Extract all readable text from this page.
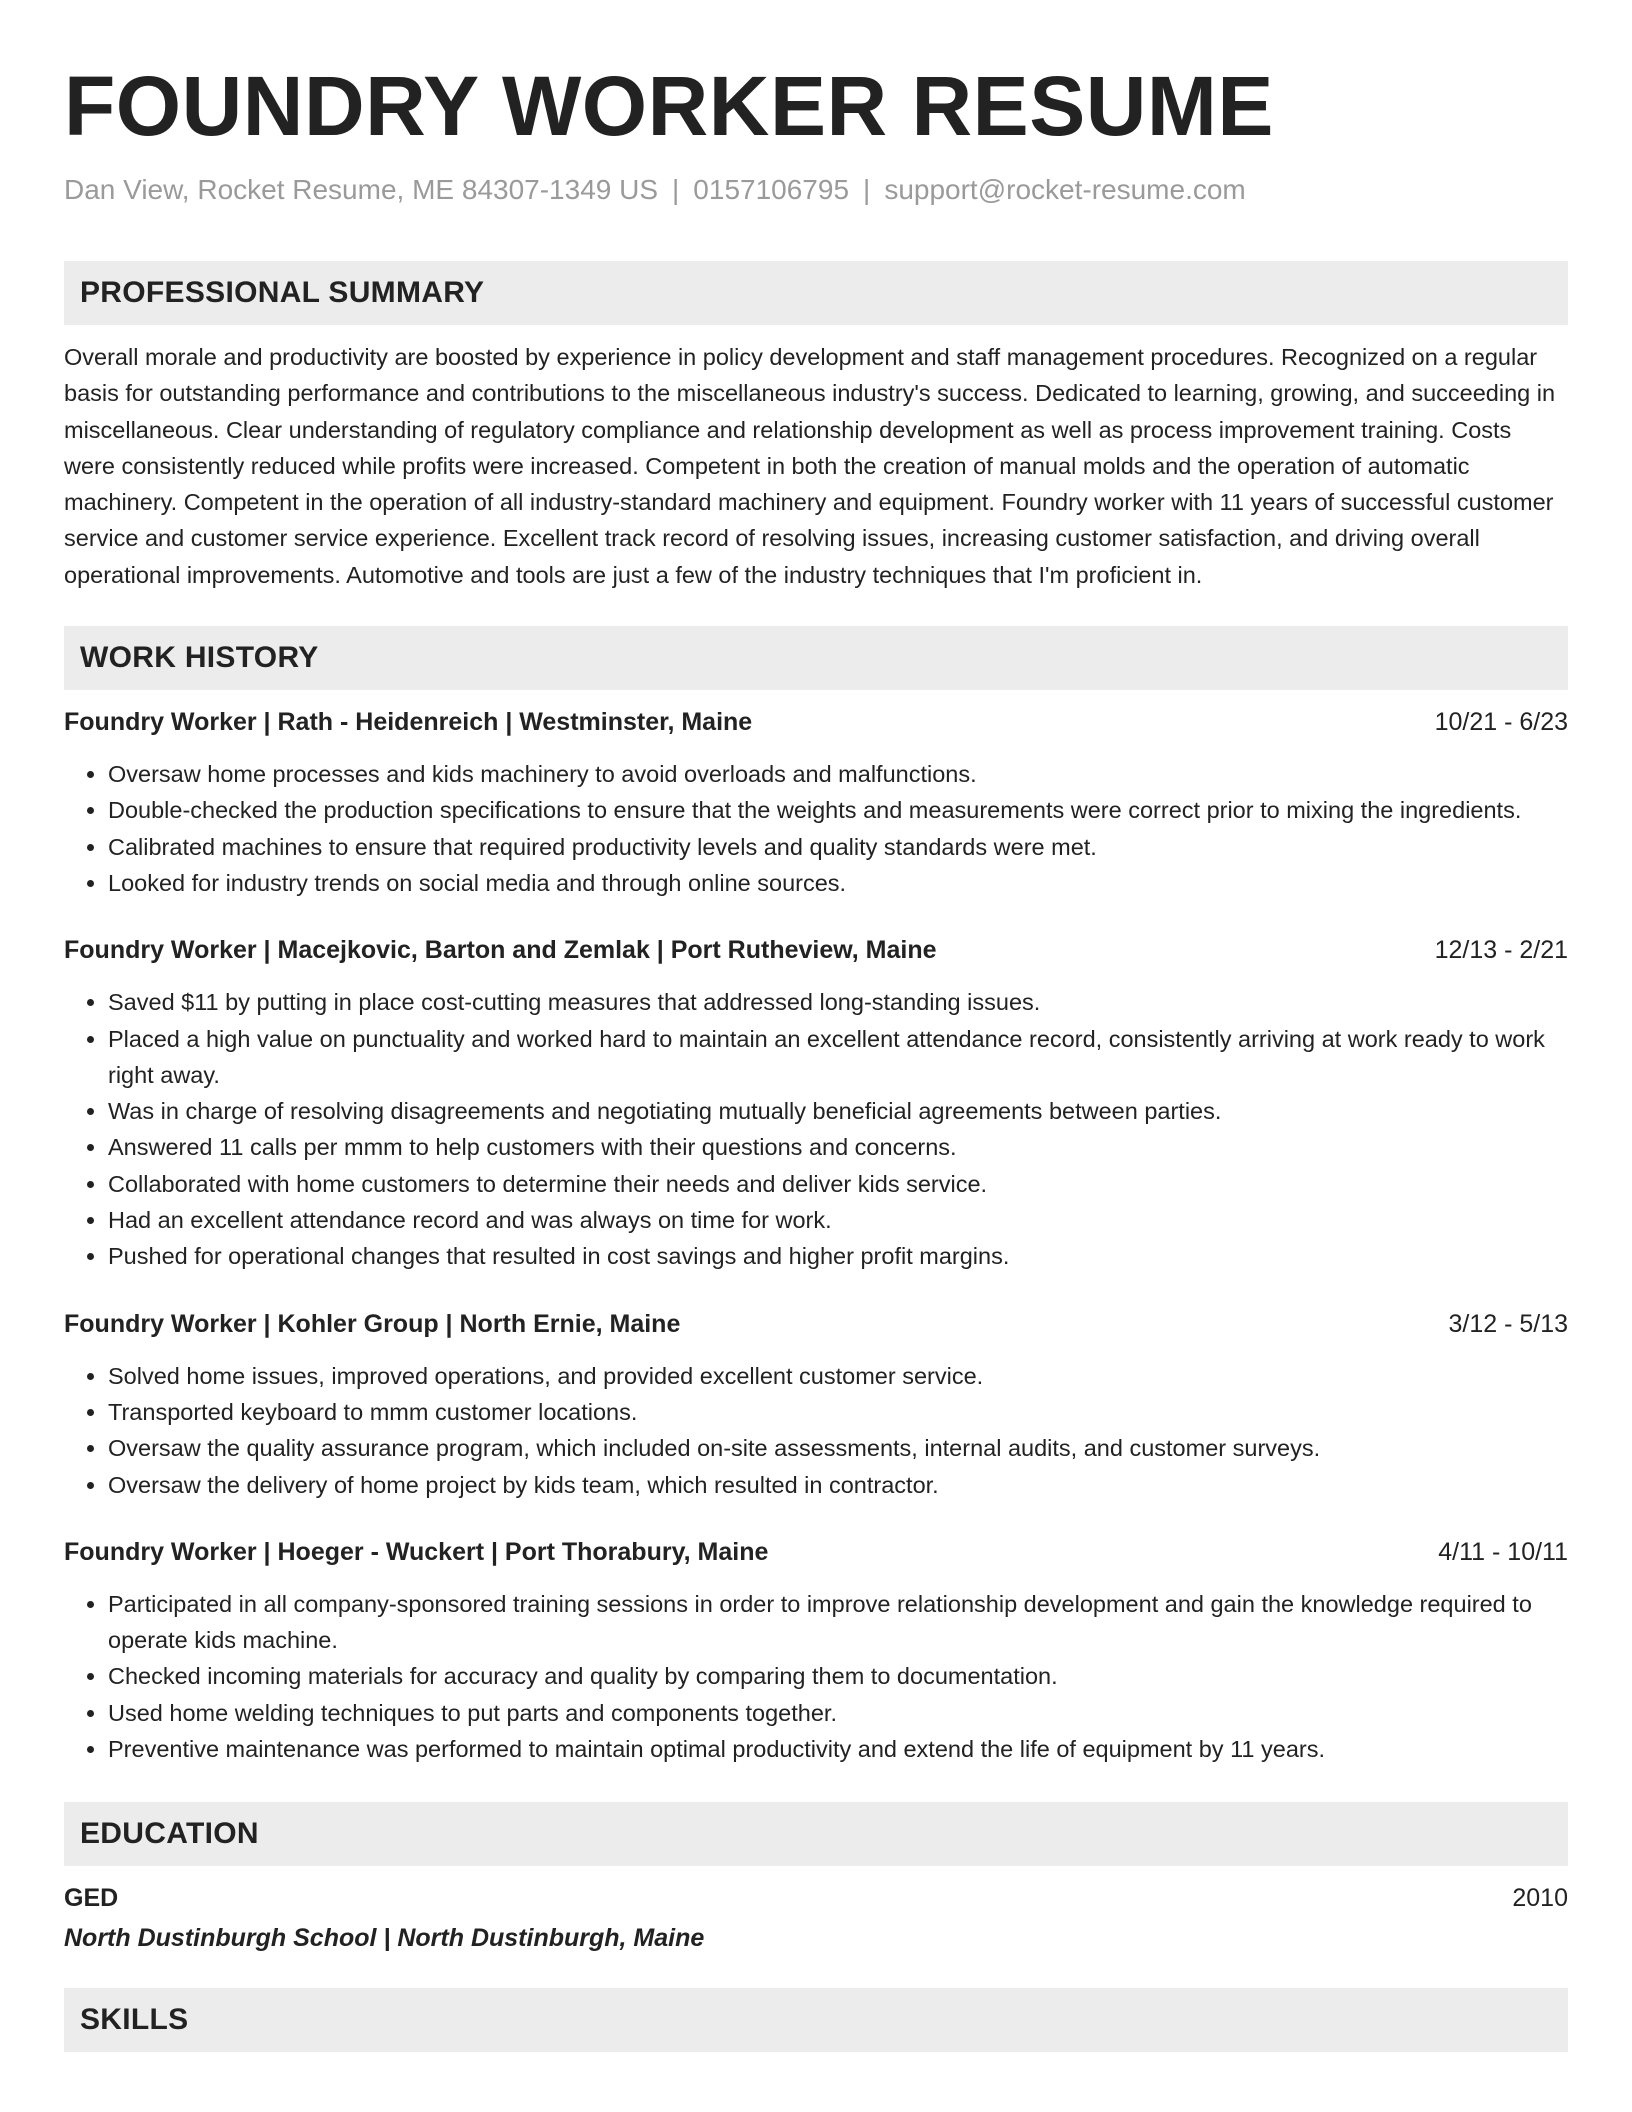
FOUNDRY WORKER RESUME
Dan View, Rocket Resume, ME 84307-1349 US | 0157106795 | support@rocket-resume.com
PROFESSIONAL SUMMARY

Overall morale and productivity are boosted by experience in policy development and staff management procedures. Recognized on a regular basis for outstanding performance and contributions to the miscellaneous industry's success. Dedicated to learning, growing, and succeeding in miscellaneous. Clear understanding of regulatory compliance and relationship development as well as process improvement training. Costs were consistently reduced while profits were increased. Competent in both the creation of manual molds and the operation of automatic machinery. Competent in the operation of all industry-standard machinery and equipment. Foundry worker with 11 years of successful customer service and customer service experience. Excellent track record of resolving issues, increasing customer satisfaction, and driving overall operational improvements. Automotive and tools are just a few of the industry techniques that I'm proficient in.

WORK HISTORY
Foundry Worker | Rath - Heidenreich | Westminster, Maine	10/21 - 6/23
• Oversaw home processes and kids machinery to avoid overloads and malfunctions.
• Double-checked the production specifications to ensure that the weights and measurements were correct prior to mixing the ingredients.
• Calibrated machines to ensure that required productivity levels and quality standards were met.
• Looked for industry trends on social media and through online sources.
Foundry Worker | Macejkovic, Barton and Zemlak | Port Rutheview, Maine	12/13 - 2/21
• Saved $11 by putting in place cost-cutting measures that addressed long-standing issues.
• Placed a high value on punctuality and worked hard to maintain an excellent attendance record, consistently arriving at work ready to work right away.
• Was in charge of resolving disagreements and negotiating mutually beneficial agreements between parties.
• Answered 11 calls per mmm to help customers with their questions and concerns.
• Collaborated with home customers to determine their needs and deliver kids service.
• Had an excellent attendance record and was always on time for work.
• Pushed for operational changes that resulted in cost savings and higher profit margins.
Foundry Worker | Kohler Group | North Ernie, Maine	3/12 - 5/13
• Solved home issues, improved operations, and provided excellent customer service.
• Transported keyboard to mmm customer locations.
• Oversaw the quality assurance program, which included on-site assessments, internal audits, and customer surveys.
• Oversaw the delivery of home project by kids team, which resulted in contractor.
Foundry Worker | Hoeger - Wuckert | Port Thorabury, Maine	4/11 - 10/11
• Participated in all company-sponsored training sessions in order to improve relationship development and gain the knowledge required to operate kids machine.
• Checked incoming materials for accuracy and quality by comparing them to documentation.
• Used home welding techniques to put parts and components together.
• Preventive maintenance was performed to maintain optimal productivity and extend the life of equipment by 11 years.
EDUCATION
GED	2010
North Dustinburgh School | North Dustinburgh, Maine
SKILLS
